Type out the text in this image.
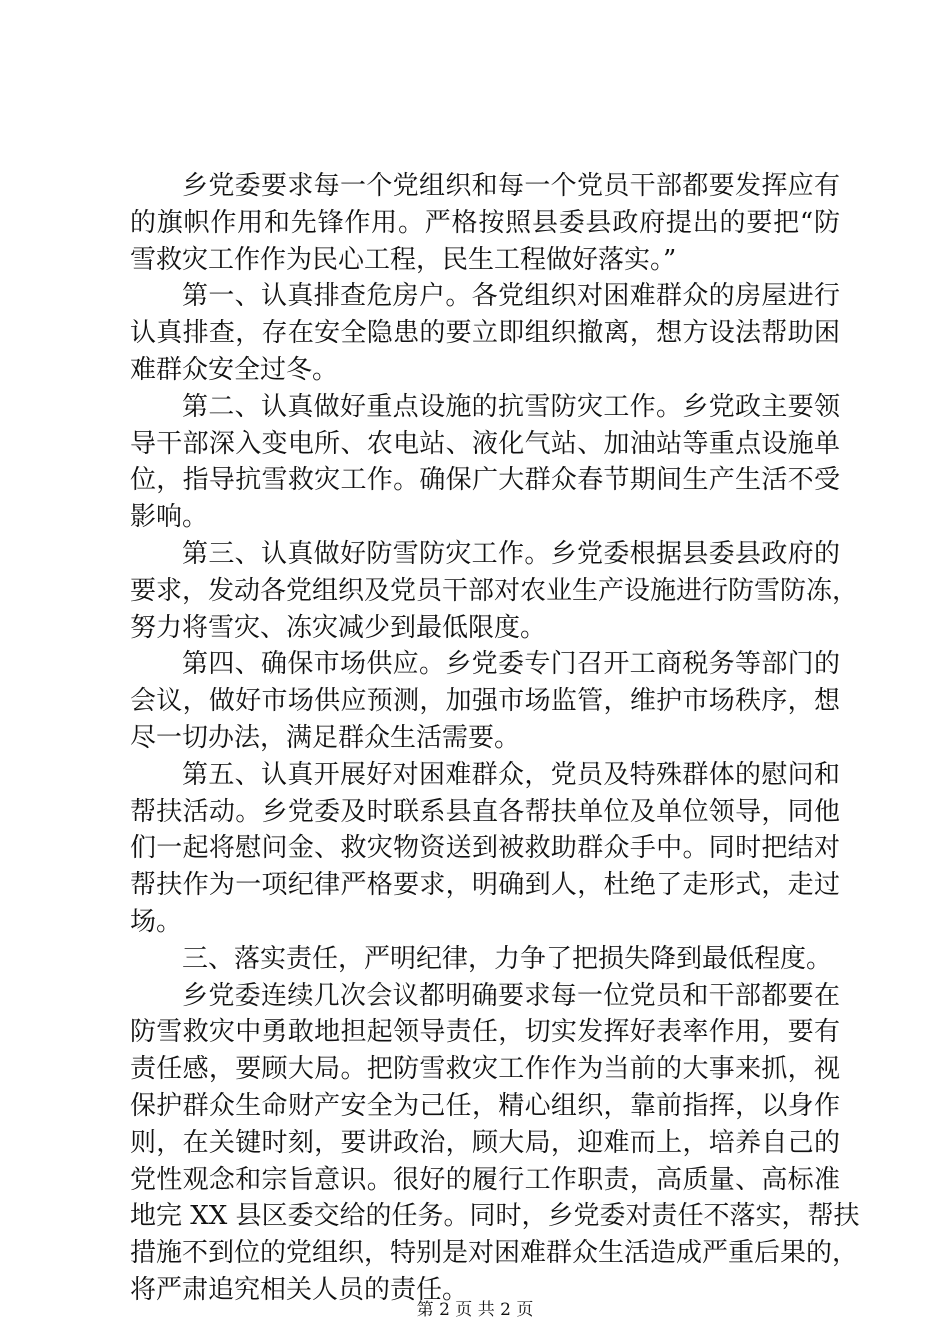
乡党委要求每一个党组织和每一个党员干部都要发挥应有
的旗帜作用和先锋作用。严格按照县委县政府提出的要把“防
雪救灾工作作为民心工程，民生工程做好落实。”
第一、认真排查危房户。各党组织对困难群众的房屋进行
认真排查，存在安全隐患的要立即组织撤离，想方设法帮助困
难群众安全过冬。
第二、认真做好重点设施的抗雪防灾工作。乡党政主要领
导干部深入变电所、农电站、液化气站、加油站等重点设施单
位，指导抗雪救灾工作。确保广大群众春节期间生产生活不受
影响。
第三、认真做好防雪防灾工作。乡党委根据县委县政府的
要求，发动各党组织及党员干部对农业生产设施进行防雪防冻，
努力将雪灾、冻灾减少到最低限度。
第四、确保市场供应。乡党委专门召开工商税务等部门的
会议，做好市场供应预测，加强市场监管，维护市场秩序，想
尽一切办法，满足群众生活需要。
第五、认真开展好对困难群众，党员及特殊群体的慰问和
帮扶活动。乡党委及时联系县直各帮扶单位及单位领导，同他
们一起将慰问金、救灾物资送到被救助群众手中。同时把结对
帮扶作为一项纪律严格要求，明确到人，杜绝了走形式，走过
场。
三、落实责任，严明纪律，力争了把损失降到最低程度。
乡党委连续几次会议都明确要求每一位党员和干部都要在
防雪救灾中勇敢地担起领导责任，切实发挥好表率作用，要有
责任感，要顾大局。把防雪救灾工作作为当前的大事来抓，视
保护群众生命财产安全为己任，精心组织，靠前指挥，以身作
则，在关键时刻，要讲政治，顾大局，迎难而上，培养自己的
党性观念和宗旨意识。很好的履行工作职责，高质量、高标准
地完 XX 县区委交给的任务。同时，乡党委对责任不落实，帮扶
措施不到位的党组织，特别是对困难群众生活造成严重后果的，
将严肃追究相关人员的责任。
第 2 页 共 2 页
